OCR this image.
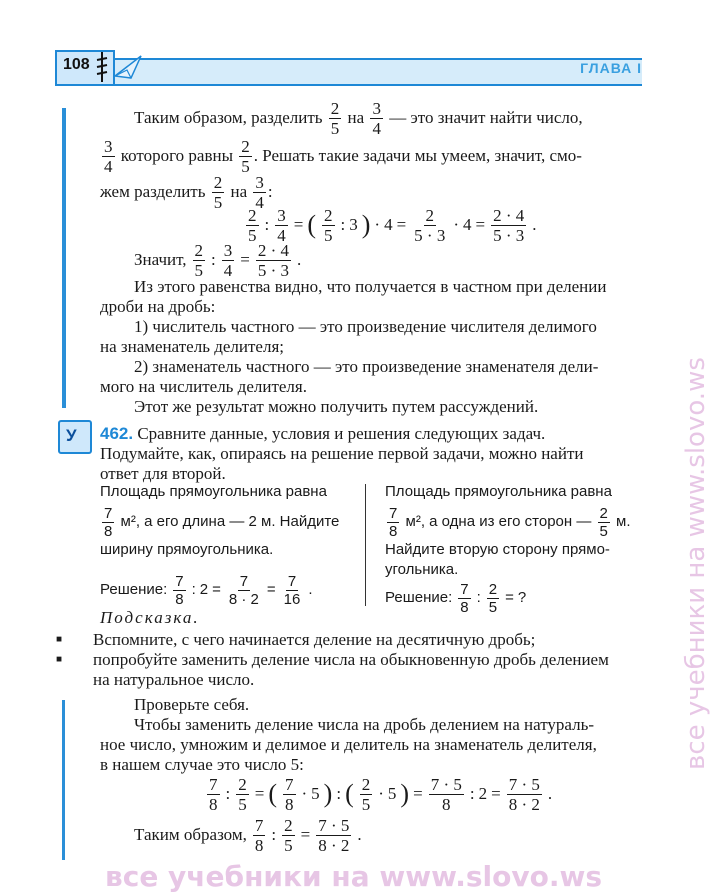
108	ГЛАВА I
Таким образом, разделить
$\frac{2}{5}$
на
$\frac{3}{4}$
— это значит найти число,
$\frac{3}{4}$
которого равны
$\frac{2}{5}$ . Решать такие задачи мы умеем, значит, смо-
жем разделить
$\frac{2}{5}$
на
$\frac{3}{4}$ :
$\frac{2}{5}$ : $\frac{3}{4}$ = ( $\frac{2}{5}$ : 3 ) · $4 = \frac{2}{5 \cdot 3} \cdot 4 = \frac{2 \cdot 4}{5 \cdot 3}$ .
Значит, $\frac{2}{5}$ : $\frac{3}{4} = \frac{2 \cdot 4}{5 \cdot 3}$ .
Из этого равенства видно, что получается в частном при делении
дроби на дробь:
1) числитель частного — это произведение числителя делимого
на знаменатель делителя;
2) знаменатель частного — это произведение знаменателя дели-
мого на числитель делителя.
Этот же результат можно получить путем рассуждений.
У 462. Сравните данные, условия и решения следующих задач.
Подумайте, как, опираясь на решение первой задачи, можно найти
ответ для второй.
Площадь прямоугольника равна
$\frac{7}{8}$
м², а его длина — 2 м. Найдите
ширину прямоугольника.
Решение: $\frac{7}{8}$ : $2 = \frac{7}{8 \cdot 2} = \frac{7}{16}$ .
Площадь прямоугольника равна
$\frac{7}{8}$
м², а одна из его сторон —
$\frac{2}{5}$
м.
Найдите вторую сторону прямо-
угольника.
Решение: $\frac{7}{8}$ : $\frac{2}{5}$ = ?
Подсказка.
■	Вспомните, с чего начинается деление на десятичную дробь;
■	попробуйте заменить деление числа на обыкновенную дробь делением
на натуральное число.
Проверьте себя.
Чтобы заменить деление числа на дробь делением на натураль-
ное число, умножим и делимое и делитель на знаменатель делителя,
в нашем случае это число 5:
$\frac{7}{8}$ : $\frac{2}{5}$ = ( $\frac{7}{8} \cdot 5$ ) : ( $\frac{2}{5} \cdot 5$ ) = $\frac{7 \cdot 5}{8}$ : $2 = \frac{7 \cdot 5}{8 \cdot 2}$ .
Таким образом, $\frac{7}{8}$ : $\frac{2}{5} = \frac{7 \cdot 5}{8 \cdot 2}$ .
все учебники на www.slovo.ws
все учебники на www.slovo.ws
